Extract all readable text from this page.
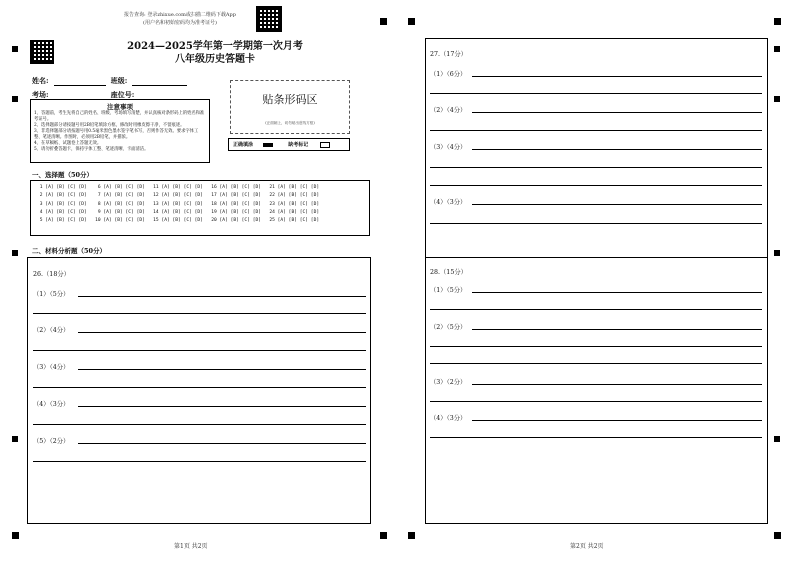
报告查询: 登录zhixue.com或扫描二维码下载App
(用户名和初始密码均为准考证号)
2024—2025学年第一学期第一次月考
八年级历史答题卡
姓名:	班级:
考场:	座位号:
注意事项
1、答题前，考生先将自己的姓名、班级、考场填写清楚，并认真核对条形码上的姓名和准考证号。
2、选择题部分请按题号用2B铅笔填涂方框，修改时用橡皮擦干净，不留痕迹。
3、非选择题部分请按题号用0.5毫米黑色墨水签字笔书写，否则作答无效。要求字体工整、笔迹清晰。作图时，必须用2B铅笔，并描浓。
4、在草稿纸、试题卷上答题无效。
5、请勿折叠答题卡，保持字体工整、笔迹清晰、卡面清洁。
贴条形码区
(正面朝上，切勿贴出虚线方框)
正确填涂	缺考标记
一、选择题（50分）
1 [A] [B] [C] [D]    6 [A] [B] [C] [D]   11 [A] [B] [C] [D]   16 [A] [B] [C] [D]   21 [A] [B] [C] [D]
2 [A] [B] [C] [D]    7 [A] [B] [C] [D]   12 [A] [B] [C] [D]   17 [A] [B] [C] [D]   22 [A] [B] [C] [D]
3 [A] [B] [C] [D]    8 [A] [B] [C] [D]   13 [A] [B] [C] [D]   18 [A] [B] [C] [D]   23 [A] [B] [C] [D]
4 [A] [B] [C] [D]    9 [A] [B] [C] [D]   14 [A] [B] [C] [D]   19 [A] [B] [C] [D]   24 [A] [B] [C] [D]
5 [A] [B] [C] [D]   10 [A] [B] [C] [D]   15 [A] [B] [C] [D]   20 [A] [B] [C] [D]   25 [A] [B] [C] [D]
二、材料分析题（50分）
26.（18分）
（1）（5分）
（2）（4分）
（3）（4分）
（4）（3分）
（5）（2分）
27.（17分）
（1）（6分）
（2）（4分）
（3）（4分）
（4）（3分）
28.（15分）
（1）（5分）
（2）（5分）
（3）（2分）
（4）（3分）
第1页 共2页	第2页 共2页
